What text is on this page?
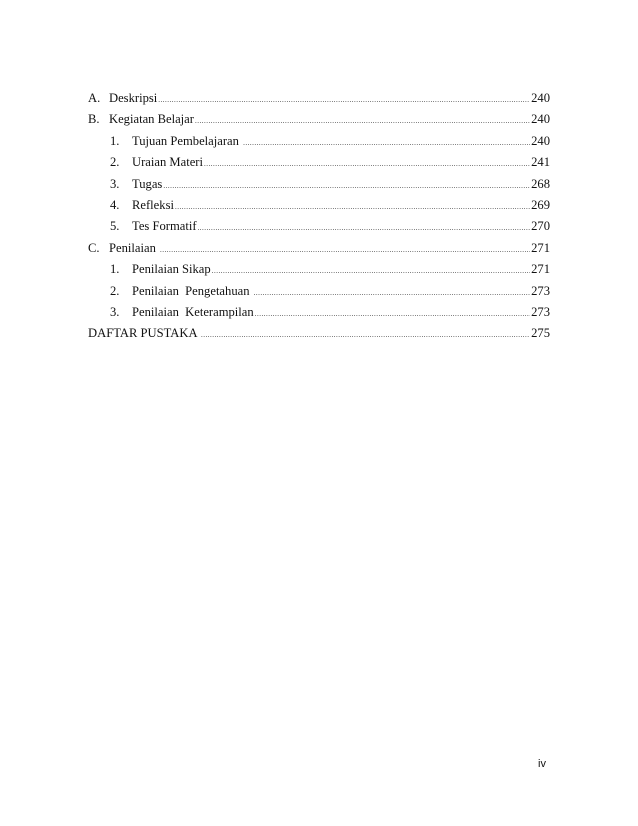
A. Deskripsi .....	240
B. Kegiatan Belajar .....	240
1. Tujuan Pembelajaran .....	240
2. Uraian Materi .....	241
3. Tugas .....	268
4. Refleksi .....	269
5. Tes Formatif .....	270
C. Penilaian .....	271
1. Penilaian Sikap .....	271
2. Penilaian  Pengetahuan .....	273
3. Penilaian  Keterampilan .....	273
DAFTAR PUSTAKA .....	275
iv
